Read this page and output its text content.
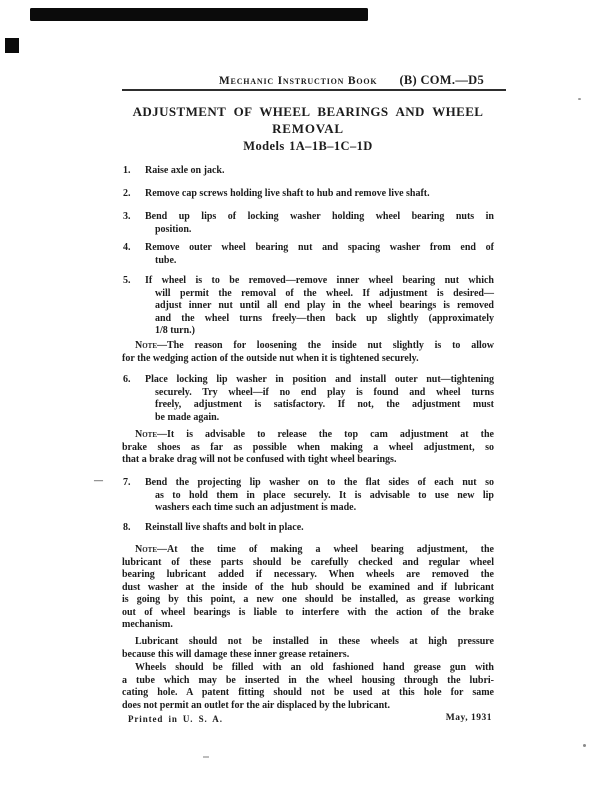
Mechanic Instruction Book (B) COM.—D5
ADJUSTMENT OF WHEEL BEARINGS AND WHEEL
REMOVAL
Models 1A–1B–1C–1D
1. Raise axle on jack.
2. Remove cap screws holding live shaft to hub and remove live shaft.
3. Bend up lips of locking washer holding wheel bearing nuts in
position.
4. Remove outer wheel bearing nut and spacing washer from end of
tube.
5. If wheel is to be removed—remove inner wheel bearing nut which
will permit the removal of the wheel. If adjustment is desired—
adjust inner nut until all end play in the wheel bearings is removed
and the wheel turns freely—then back up slightly (approximately
1/8 turn.)
Note—The reason for loosening the inside nut slightly is to allow
for the wedging action of the outside nut when it is tightened securely.
6. Place locking lip washer in position and install outer nut—tightening
securely. Try wheel—if no end play is found and wheel turns
freely, adjustment is satisfactory. If not, the adjustment must
be made again.
Note—It is advisable to release the top cam adjustment at the
brake shoes as far as possible when making a wheel adjustment, so
that a brake drag will not be confused with tight wheel bearings.
— 7. Bend the projecting lip washer on to the flat sides of each nut so
as to hold them in place securely. It is advisable to use new lip
washers each time such an adjustment is made.
8. Reinstall live shafts and bolt in place.
Note—At the time of making a wheel bearing adjustment, the
lubricant of these parts should be carefully checked and regular wheel
bearing lubricant added if necessary. When wheels are removed the
dust washer at the inside of the hub should be examined and if lubricant
is going by this point, a new one should be installed, as grease working
out of wheel bearings is liable to interfere with the action of the brake
mechanism.
Lubricant should not be installed in these wheels at high pressure
because this will damage these inner grease retainers.
Wheels should be filled with an old fashioned hand grease gun with
a tube which may be inserted in the wheel housing through the lubri-
cating hole. A patent fitting should not be used at this hole for same
does not permit an outlet for the air displaced by the lubricant.
Printed in U. S. A.	May, 1931
